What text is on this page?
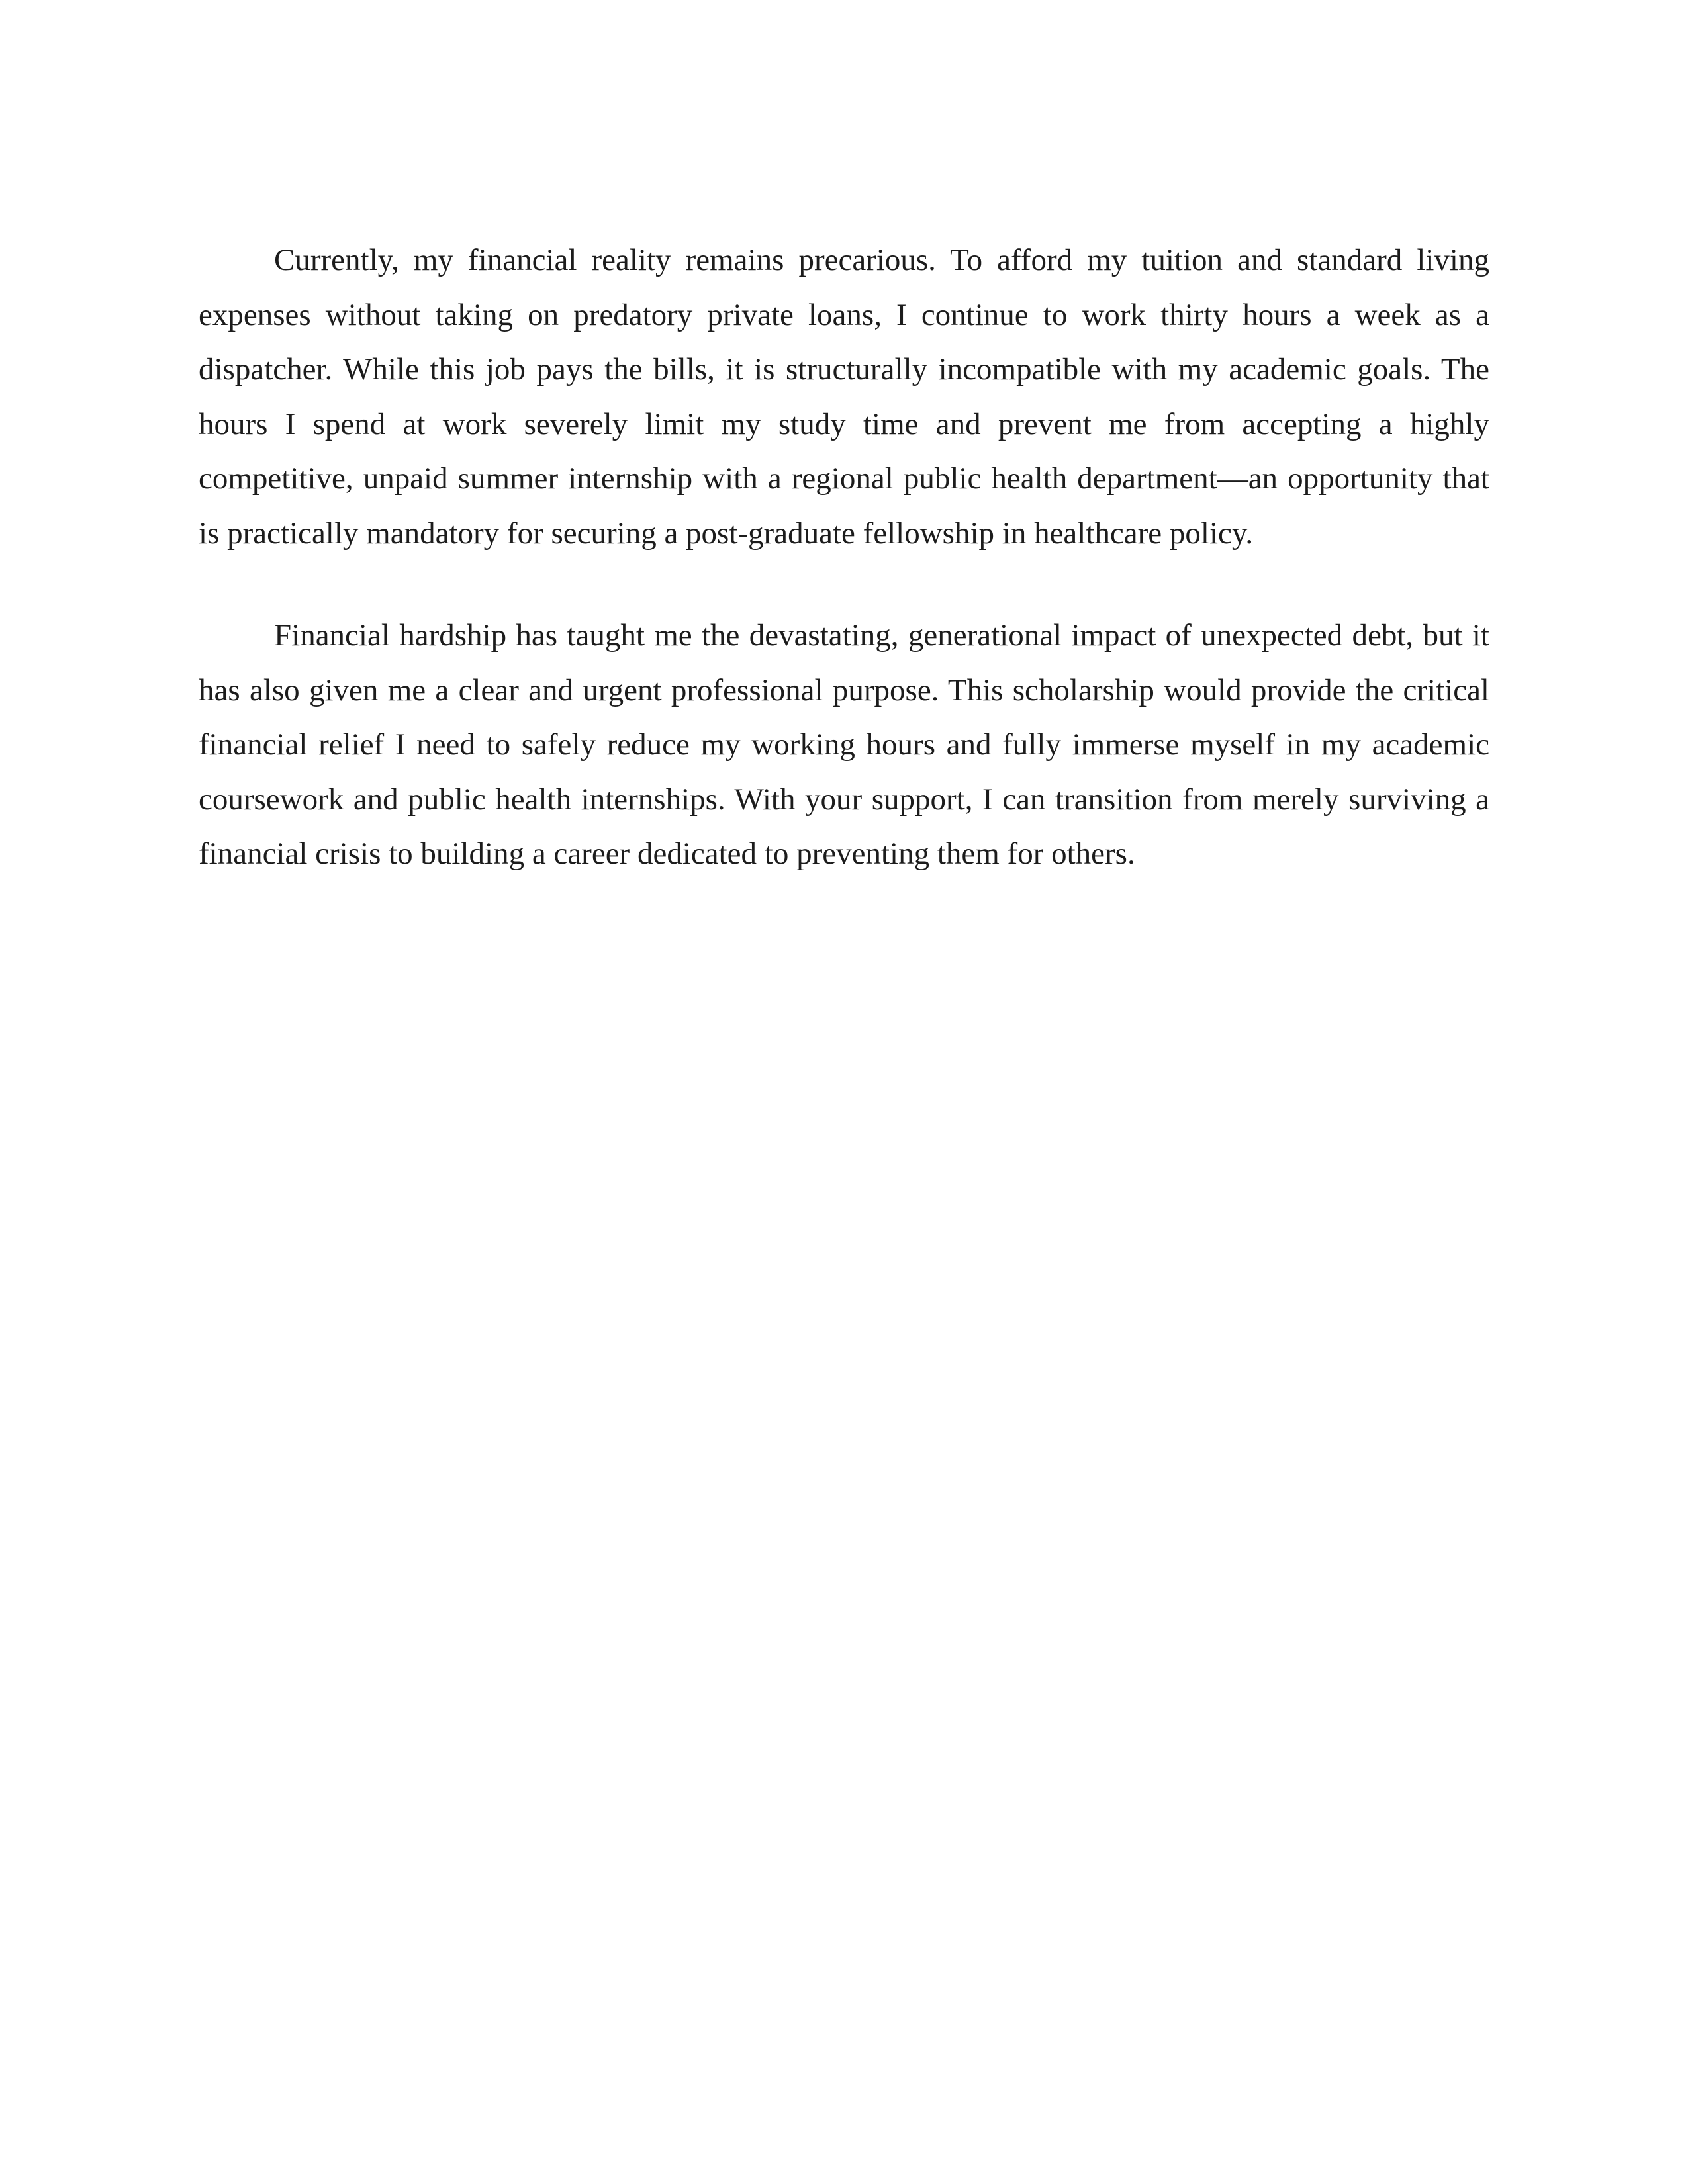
Currently, my financial reality remains precarious. To afford my tuition and standard living expenses without taking on predatory private loans, I continue to work thirty hours a week as a dispatcher. While this job pays the bills, it is structurally incompatible with my academic goals. The hours I spend at work severely limit my study time and prevent me from accepting a highly competitive, unpaid summer internship with a regional public health department—an opportunity that is practically mandatory for securing a post-graduate fellowship in healthcare policy.

Financial hardship has taught me the devastating, generational impact of unexpected debt, but it has also given me a clear and urgent professional purpose. This scholarship would provide the critical financial relief I need to safely reduce my working hours and fully immerse myself in my academic coursework and public health internships. With your support, I can transition from merely surviving a financial crisis to building a career dedicated to preventing them for others.
